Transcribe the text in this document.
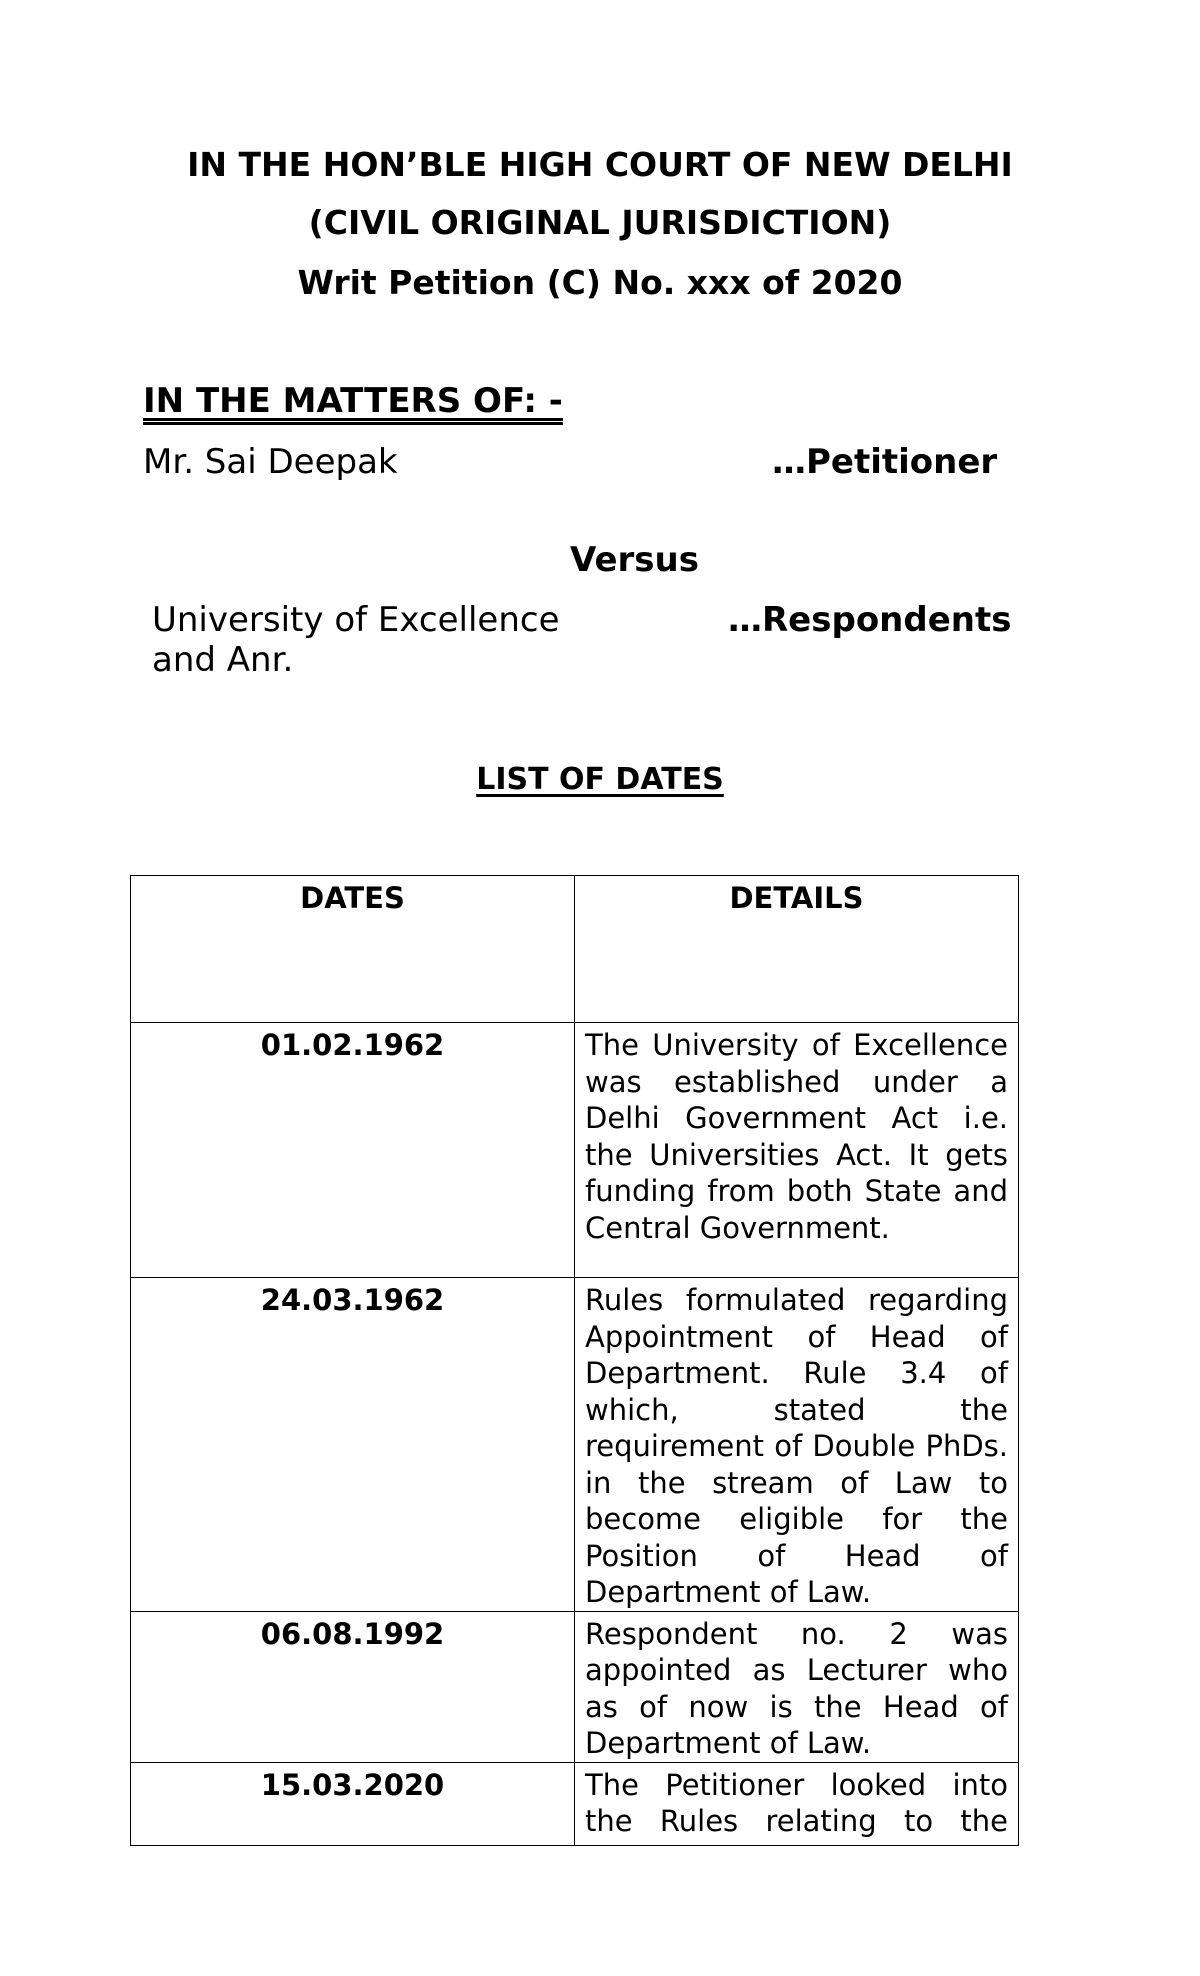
IN THE HON’BLE HIGH COURT OF NEW DELHI
(CIVIL ORIGINAL JURISDICTION)
Writ Petition (C) No. xxx of 2020
IN THE MATTERS OF: -
Mr. Sai Deepak	…Petitioner
Versus
University of Excellence
and Anr.
…Respondents
LIST OF DATES
DATES	DETAILS
01.02.1962	The University of Excellence was established under a Delhi Government Act i.e. the Universities Act. It gets funding from both State and Central Government.
24.03.1962	Rules formulated regarding Appointment of Head of Department. Rule 3.4 of which, stated the requirement of Double PhDs. in the stream of Law to become eligible for the Position of Head of Department of Law.
06.08.1992	Respondent no. 2 was appointed as Lecturer who as of now is the Head of Department of Law.
15.03.2020	The Petitioner looked into the Rules relating to the
